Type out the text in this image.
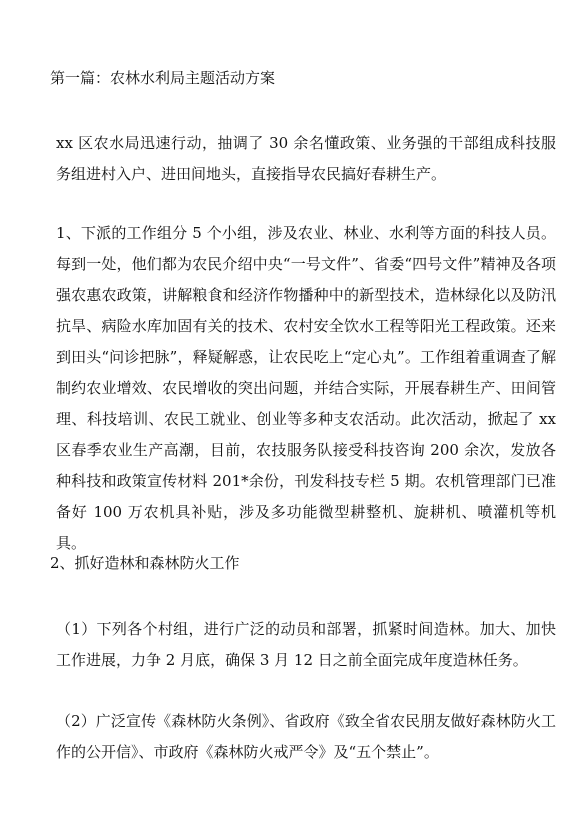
第一篇：农林水利局主题活动方案
xx 区农水局迅速行动，抽调了 30 余名懂政策、业务强的干部组成科技服务组进村入户、进田间地头，直接指导农民搞好春耕生产。
1、下派的工作组分 5 个小组，涉及农业、林业、水利等方面的科技人员。每到一处，他们都为农民介绍中央“一号文件”、省委“四号文件”精神及各项强农惠农政策，讲解粮食和经济作物播种中的新型技术，造林绿化以及防汛抗旱、病险水库加固有关的技术、农村安全饮水工程等阳光工程政策。还来到田头“问诊把脉”，释疑解惑，让农民吃上“定心丸”。工作组着重调查了解制约农业增效、农民增收的突出问题，并结合实际，开展春耕生产、田间管理、科技培训、农民工就业、创业等多种支农活动。此次活动，掀起了 xx 区春季农业生产高潮，目前，农技服务队接受科技咨询 200 余次，发放各种科技和政策宣传材料 201*余份，刊发科技专栏 5 期。农机管理部门已准备好 100 万农机具补贴，涉及多功能微型耕整机、旋耕机、喷灌机等机具。
2、抓好造林和森林防火工作
（1）下列各个村组，进行广泛的动员和部署，抓紧时间造林。加大、加快工作进展，力争 2 月底，确保 3 月 12 日之前全面完成年度造林任务。
（2）广泛宣传《森林防火条例》、省政府《致全省农民朋友做好森林防火工作的公开信》、市政府《森林防火戒严令》及“五个禁止”。
